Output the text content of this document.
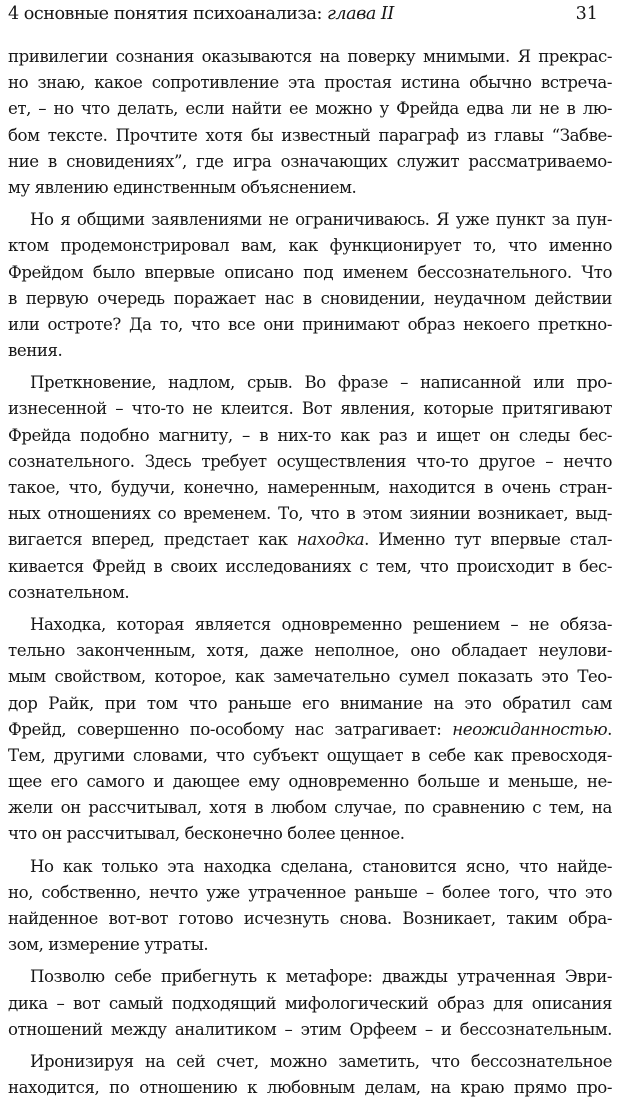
4 основные понятия психоанализа: глава II	31
привилегии сознания оказываются на поверку мнимыми. Я прекрас-
но знаю, какое сопротивление эта простая истина обычно встреча-
ет, – но что делать, если найти ее можно у Фрейда едва ли не в лю-
бом тексте. Прочтите хотя бы известный параграф из главы “Забве-
ние в сновидениях”, где игра означающих служит рассматриваемо-
му явлению единственным объяснением.
Но я общими заявлениями не ограничиваюсь. Я уже пункт за пун-
ктом продемонстрировал вам, как функционирует то, что именно
Фрейдом было впервые описано под именем бессознательного. Что
в первую очередь поражает нас в сновидении, неудачном действии
или остроте? Да то, что все они принимают образ некоего преткно-
вения.
Преткновение, надлом, срыв. Во фразе – написанной или про-
изнесенной – что-то не клеится. Вот явления, которые притягивают
Фрейда подобно магниту, – в них-то как раз и ищет он следы бес-
сознательного. Здесь требует осуществления что-то другое – нечто
такое, что, будучи, конечно, намеренным, находится в очень стран-
ных отношениях со временем. То, что в этом зиянии возникает, выд-
вигается вперед, предстает как находка. Именно тут впервые стал-
кивается Фрейд в своих исследованиях с тем, что происходит в бес-
сознательном.
Находка, которая является одновременно решением – не обяза-
тельно законченным, хотя, даже неполное, оно обладает неулови-
мым свойством, которое, как замечательно сумел показать это Тео-
дор Райк, при том что раньше его внимание на это обратил сам
Фрейд, совершенно по-особому нас затрагивает: неожиданностью.
Тем, другими словами, что субъект ощущает в себе как превосходя-
щее его самого и дающее ему одновременно больше и меньше, не-
жели он рассчитывал, хотя в любом случае, по сравнению с тем, на
что он рассчитывал, бесконечно более ценное.
Но как только эта находка сделана, становится ясно, что найде-
но, собственно, нечто уже утраченное раньше – более того, что это
найденное вот-вот готово исчезнуть снова. Возникает, таким обра-
зом, измерение утраты.
Позволю себе прибегнуть к метафоре: дважды утраченная Эври-
дика – вот самый подходящий мифологический образ для описания
отношений между аналитиком – этим Орфеем – и бессознательным.
Иронизируя на сей счет, можно заметить, что бессознательное
находится, по отношению к любовным делам, на краю прямо про-
